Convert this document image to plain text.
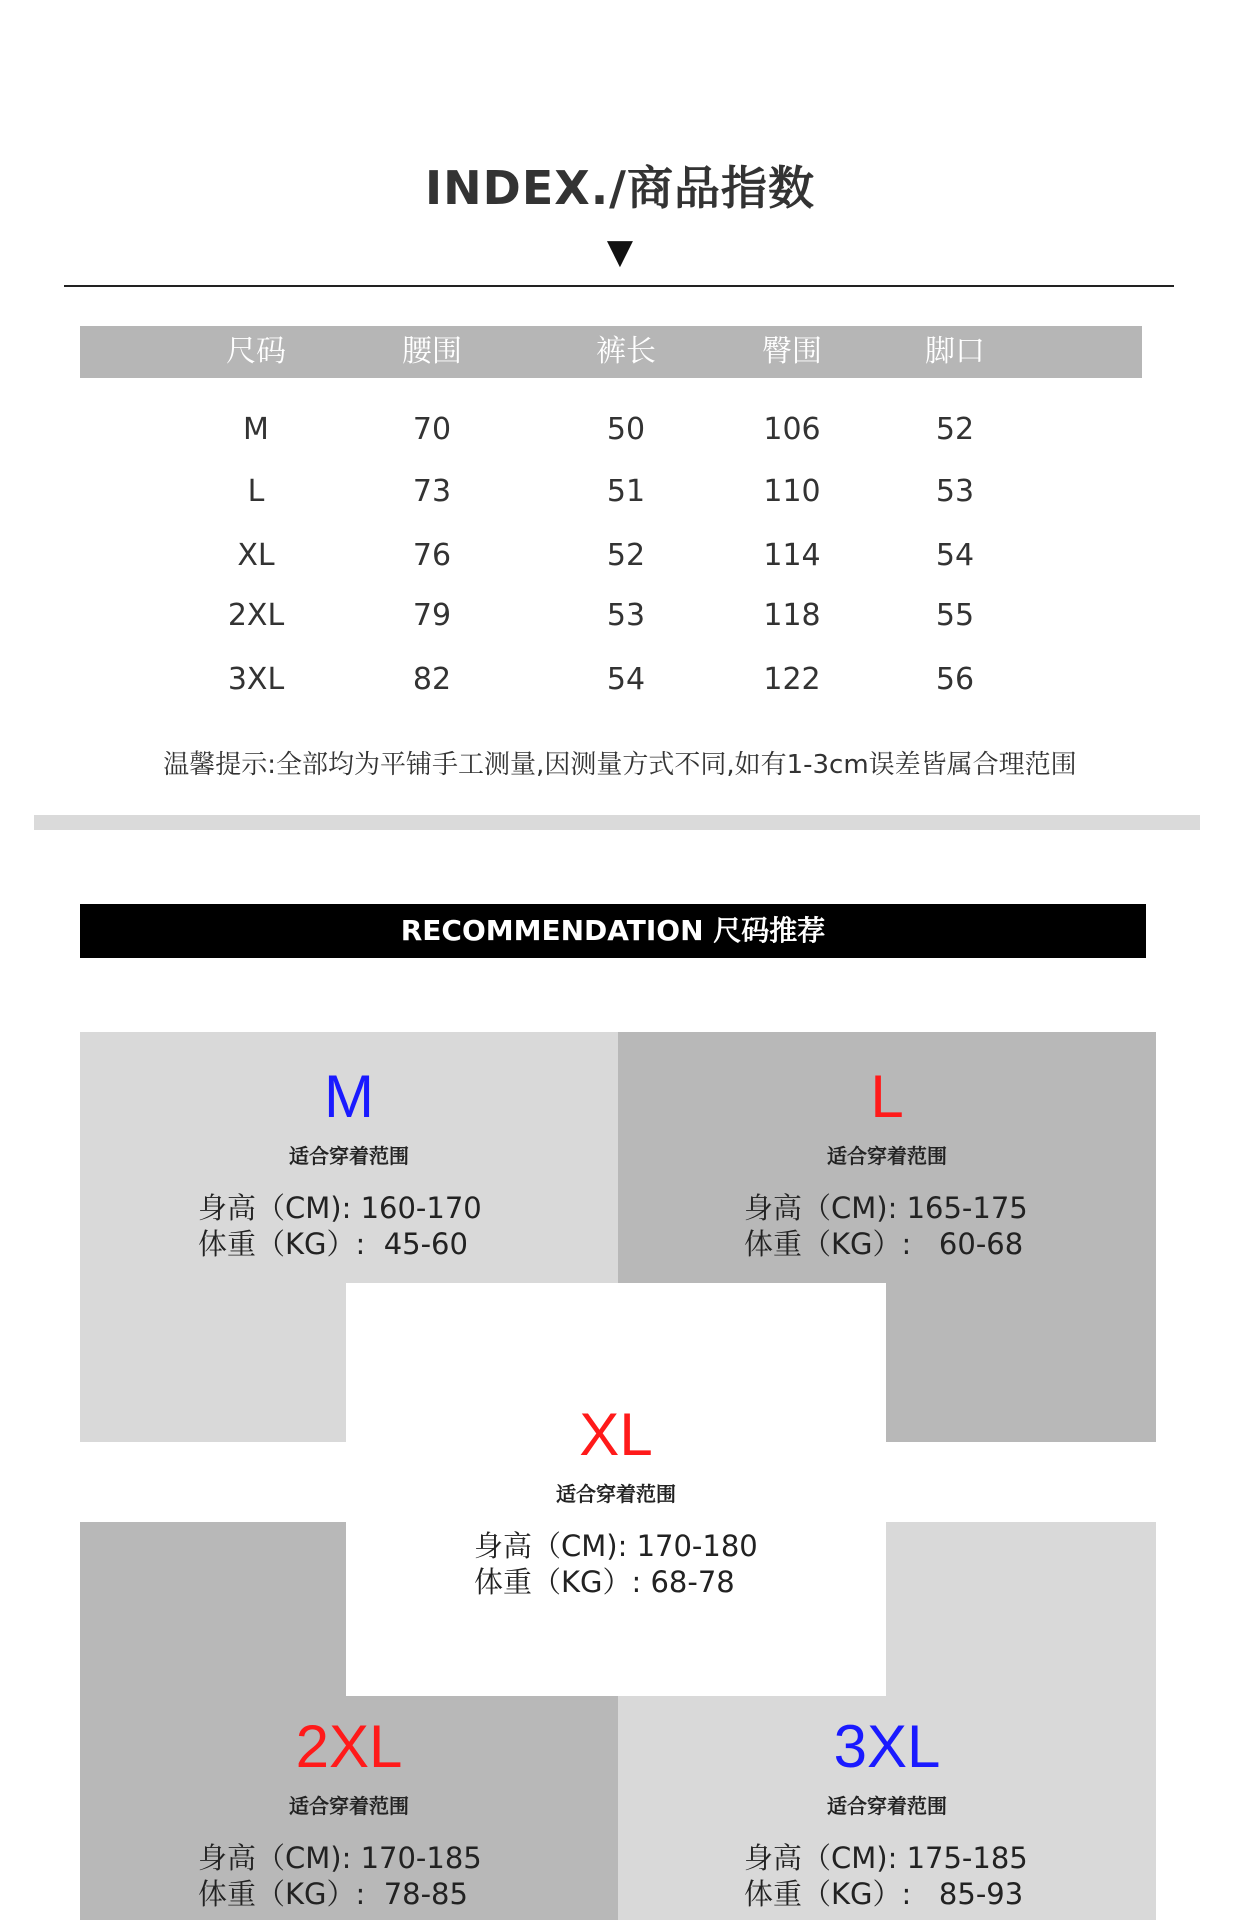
INDEX./商品指数
▼
尺码	腰围	裤长	臀围	脚口
M	70	50	106	52
L	73	51	110	53
XL	76	52	114	54
2XL	79	53	118	55
3XL	82	54	122	56
温馨提示:全部均为平铺手工测量,因测量方式不同,如有1-3cm误差皆属合理范围
RECOMMENDATION 尺码推荐
M
适合穿着范围
身高（CM): 160-170
体重（KG）:  45-60
L
适合穿着范围
身高（CM): 165-175
体重（KG）:   60-68
XL
适合穿着范围
身高（CM): 170-180
体重（KG）: 68-78
2XL
适合穿着范围
身高（CM): 170-185
体重（KG）:  78-85
3XL
适合穿着范围
身高（CM): 175-185
体重（KG）:   85-93
